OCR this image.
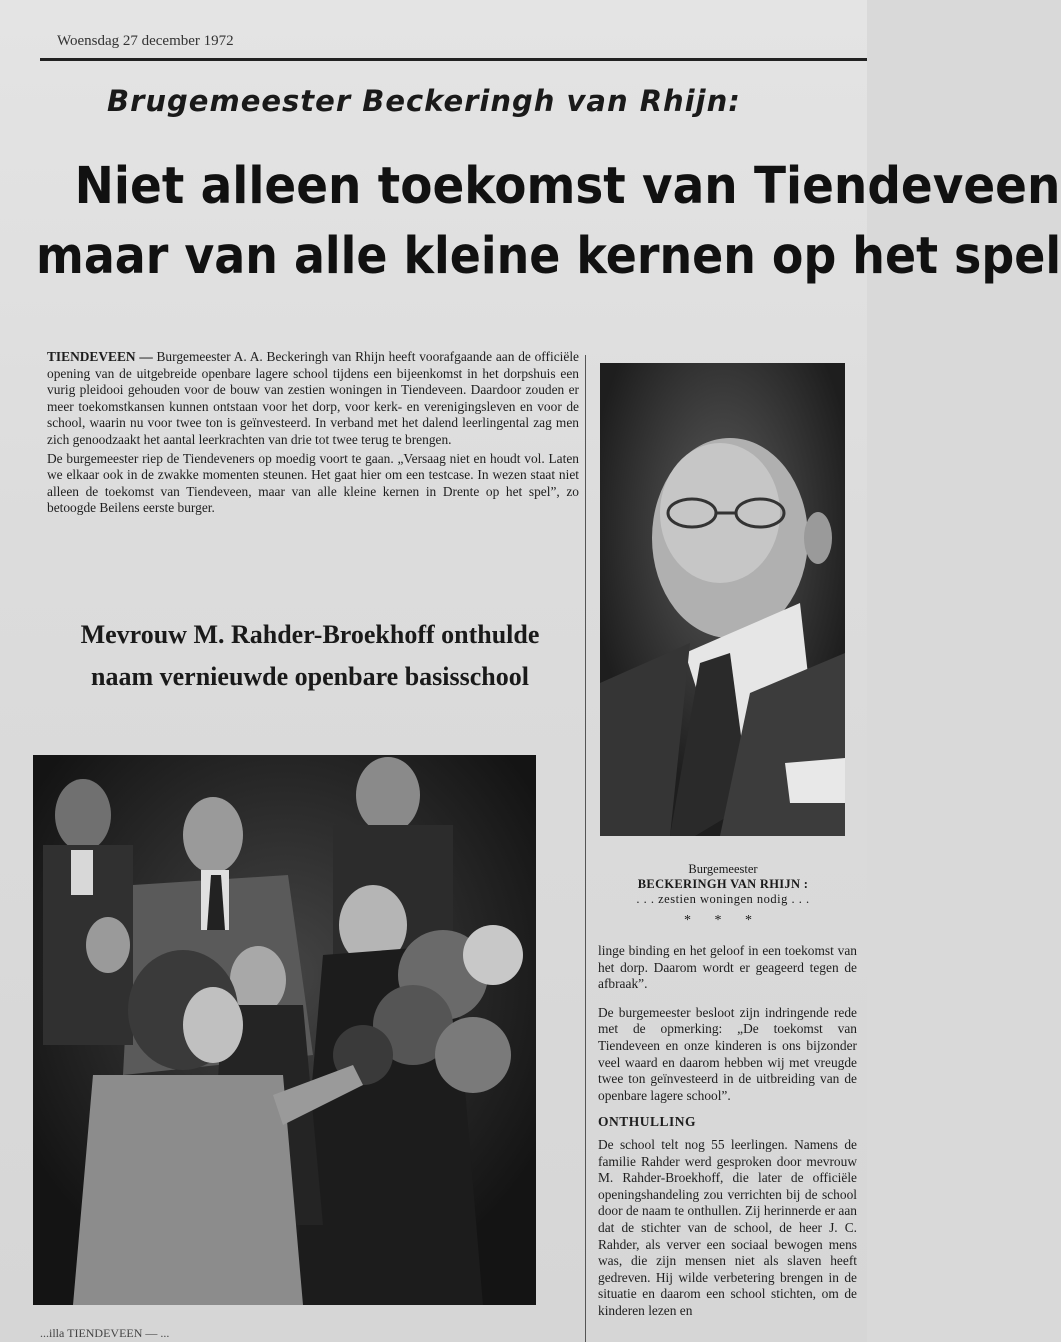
Woensdag 27 december 1972
Brugemeester Beckeringh van Rhijn:
Niet alleen toekomst van Tiendeveen
maar van alle kleine kernen op het spel

TIENDEVEEN — Burgemeester A. A. Beckeringh van Rhijn heeft voorafgaande aan de officiële opening van de uitgebreide openbare lagere school tijdens een bijeenkomst in het dorpshuis een vurig pleidooi gehouden voor de bouw van zestien woningen in Tiendeveen. Daardoor zouden er meer toekomstkansen kunnen ontstaan voor het dorp, voor kerk- en verenigingsleven en voor de school, waarin nu voor twee ton is geïnvesteerd. In verband met het dalend leerlingental zag men zich genoodzaakt het aantal leerkrachten van drie tot twee terug te brengen.

De burgemeester riep de Tiendeveners op moedig voort te gaan. „Versaag niet en houdt vol. Laten we elkaar ook in de zwakke momenten steunen. Het gaat hier om een testcase. In wezen staat niet alleen de toekomst van Tiendeveen, maar van alle kleine kernen in Drente op het spel”, zo betoogde Beilens eerste burger.

Mevrouw M. Rahder-Broekhoff onthulde
naam vernieuwde openbare basisschool
Burgemeester
BECKERINGH VAN RHIJN :
. . . zestien woningen nodig . . .
* * *

linge binding en het geloof in een toekomst van het dorp. Daarom wordt er geageerd tegen de afbraak”.

De burgemeester besloot zijn indringende rede met de opmerking: „De toekomst van Tiendeveen en onze kinderen is ons bijzonder veel waard en daarom hebben wij met vreugde twee ton geïnvesteerd in de uitbreiding van de openbare lagere school”.

ONTHULLING

De school telt nog 55 leerlingen. Namens de familie Rahder werd gesproken door mevrouw M. Rahder-Broekhoff, die later de officiële openingshandeling zou verrichten bij de school door de naam te onthullen. Zij herinnerde er aan dat de stichter van de school, de heer J. C. Rahder, als verver een sociaal bewogen mens was, die zijn mensen niet als slaven heeft gedreven. Hij wilde verbetering brengen in de situatie en daarom een school stichten, om de kinderen lezen en

...illa TIENDEVEEN — ...
